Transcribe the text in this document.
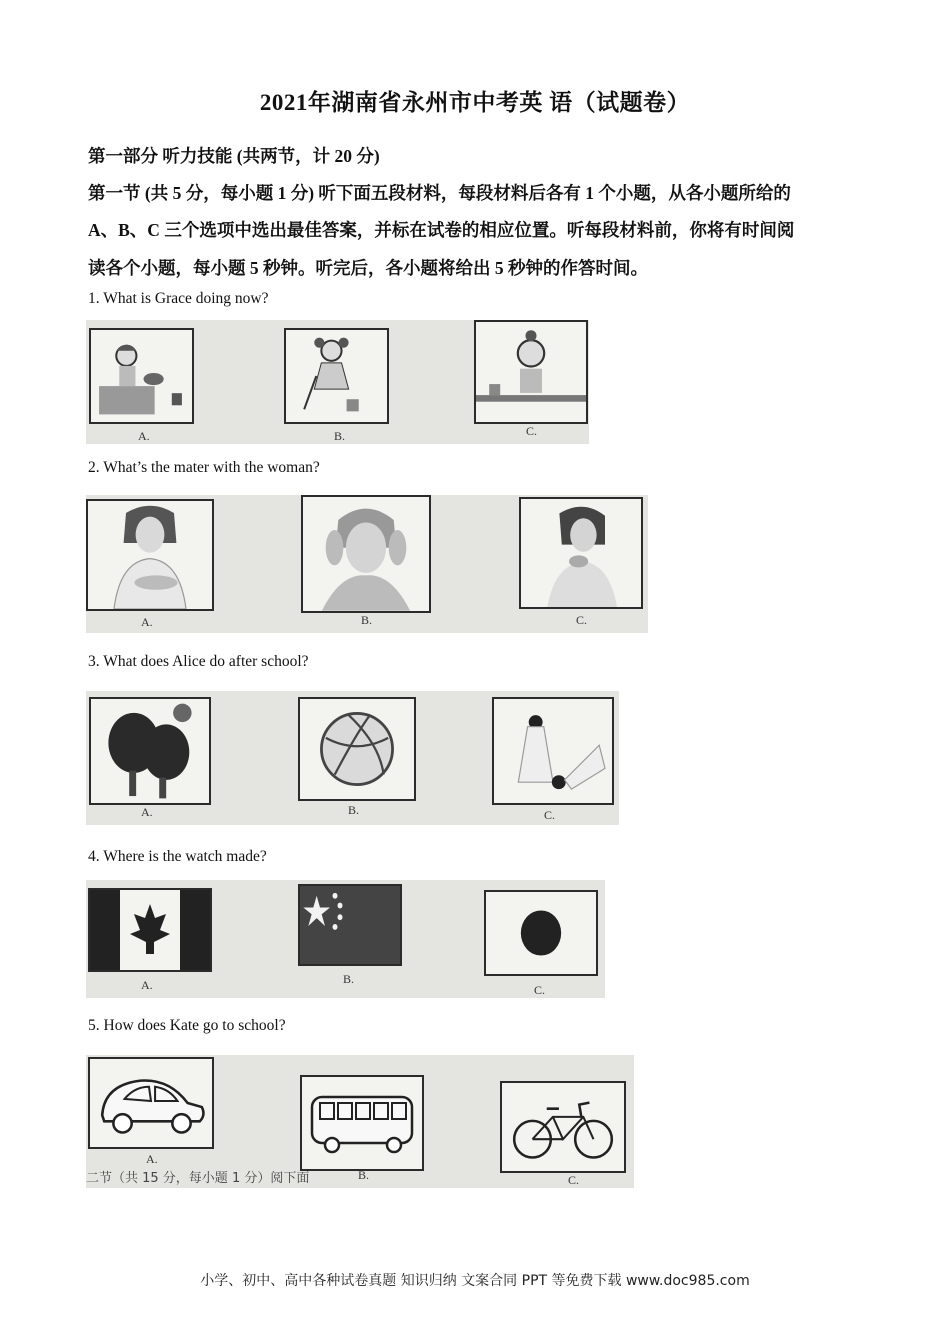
2021年湖南省永州市中考英 语（试题卷）
第一部分 听力技能 (共两节，计 20 分)
第一节 (共 5 分，每小题 1 分) 听下面五段材料，每段材料后各有 1 个小题，从各小题所给的
A、B、C 三个选项中选出最佳答案，并标在试卷的相应位置。听每段材料前，你将有时间阅
读各个小题，每小题 5 秒钟。听完后，各小题将给出 5 秒钟的作答时间。
1. What is Grace doing now?
A.	B.	C.
2. What’s the mater with the woman?
A.	B.	C.
3. What does Alice do after school?
A.	B.	C.
4. Where is the watch made?
A.	B.
C.
5. How does Kate go to school?
A.
B.	C.
二节（共 15 分，每小题 1 分）阅下面
小学、初中、高中各种试卷真题 知识归纳 文案合同 PPT 等免费下载 www.doc985.com
